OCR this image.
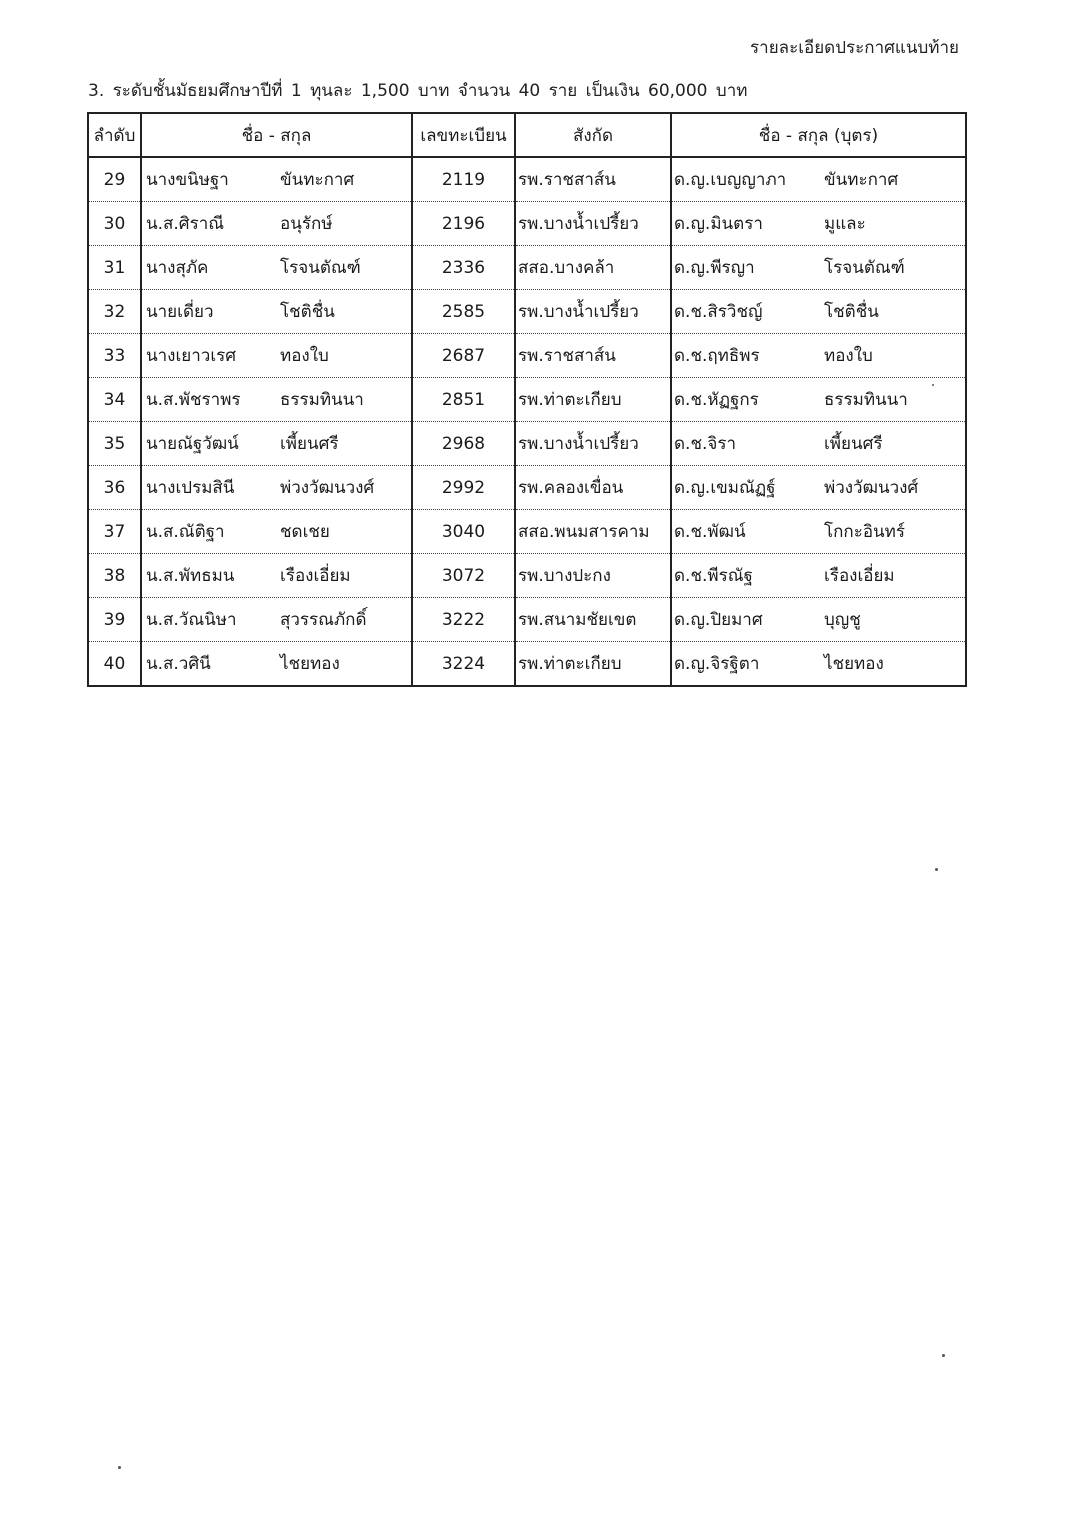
รายละเอียดประกาศแนบท้าย
3. ระดับชั้นมัธยมศึกษาปีที่ 1 ทุนละ 1,500 บาท จำนวน 40 ราย เป็นเงิน 60,000 บาท
ลำดับ	ชื่อ - สกุล	เลขทะเบียน	สังกัด	ชื่อ - สกุล (บุตร)
29	นางขนิษฐา ขันทะกาศ	2119	รพ.ราชสาส์น	ด.ญ.เบญญาภา ขันทะกาศ

30	น.ส.ศิราณี อนุรักษ์	2196	รพ.บางน้ำเปรี้ยว	ด.ญ.มินตรา มูและ

31	นางสุภัค โรจนตัณฑ์	2336	สสอ.บางคล้า	ด.ญ.พีรญา โรจนตัณฑ์

32	นายเดี่ยว โชติชื่น	2585	รพ.บางน้ำเปรี้ยว	ด.ช.สิรวิชญ์ โชติชื่น

33	นางเยาวเรศ ทองใบ	2687	รพ.ราชสาส์น	ด.ช.ฤทธิพร ทองใบ

34	น.ส.พัชราพร ธรรมทินนา	2851	รพ.ท่าตะเกียบ	ด.ช.หัฏฐกร ธรรมทินนา

35	นายณัฐวัฒน์ เพี้ยนศรี	2968	รพ.บางน้ำเปรี้ยว	ด.ช.จิรา เพี้ยนศรี

36	นางเปรมสินี พ่วงวัฒนวงศ์	2992	รพ.คลองเขื่อน	ด.ญ.เขมณัฏฐ์ พ่วงวัฒนวงศ์

37	น.ส.ณัติฐา ชดเชย	3040	สสอ.พนมสารคาม	ด.ช.พัฒน์ โกกะอินทร์

38	น.ส.พัทธมน เรืองเอี่ยม	3072	รพ.บางปะกง	ด.ช.พีรณัฐ เรืองเอี่ยม

39	น.ส.วัณนิษา สุวรรณภักดิ์	3222	รพ.สนามชัยเขต	ด.ญ.ปิยมาศ บุญชู

40	น.ส.วศินี ไชยทอง	3224	รพ.ท่าตะเกียบ	ด.ญ.จิรฐิตา ไชยทอง
